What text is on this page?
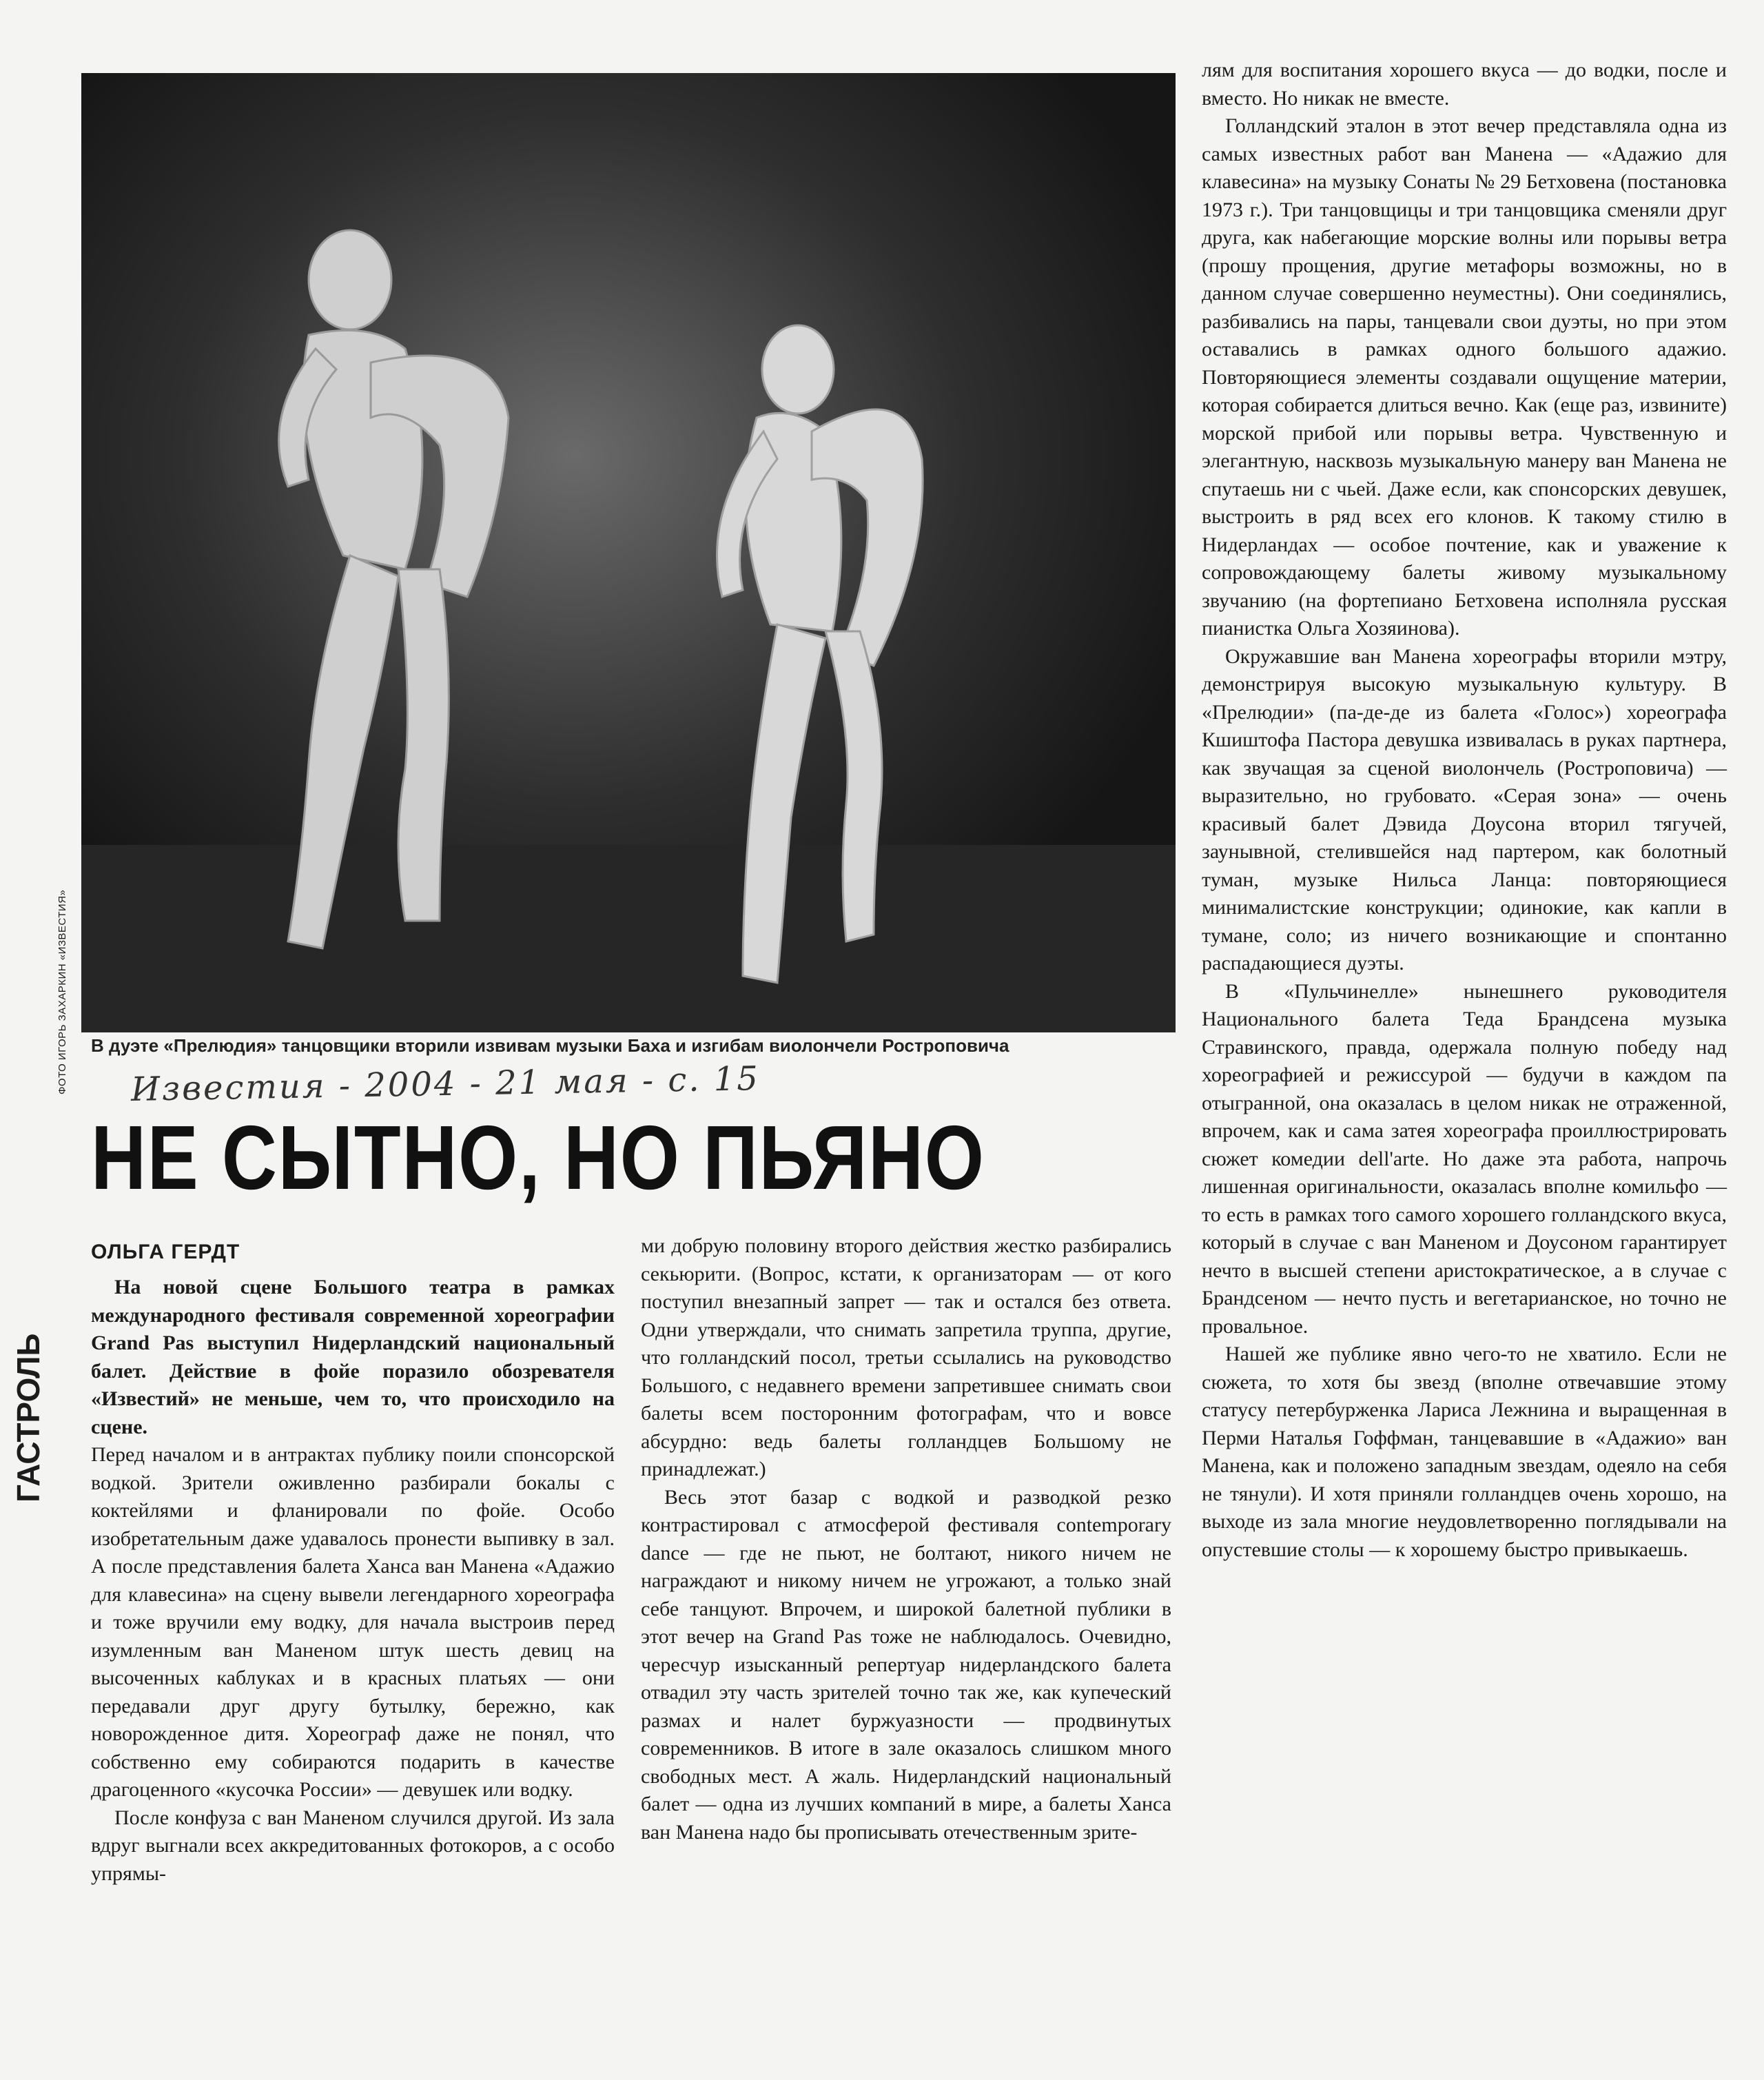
ФОТО ИГОРЬ ЗАХАРКИН «ИЗВЕСТИЯ» В дуэте «Прелюдия» танцовщики вторили извивам музыки Баха и изгибам виолончели Ростроповича
Известия - 2004 - 21 мая - с. 15
НЕ СЫТНО, НО ПЬЯНО
ГАСТРОЛЬ
ОЛЬГА ГЕРДТ

На новой сцене Большого театра в рамках международного фестиваля современной хореографии Grand Pas выступил Нидерландский национальный балет. Действие в фойе поразило обозревателя «Известий» не меньше, чем то, что происходило на сцене.

Перед началом и в антрактах публику поили спонсорской водкой. Зрители оживленно разбирали бокалы с коктейлями и фланировали по фойе. Особо изобретательным даже удавалось пронести выпивку в зал. А после представления балета Ханса ван Манена «Адажио для клавесина» на сцену вывели легендарного хореографа и тоже вручили ему водку, для начала выстроив перед изумленным ван Маненом штук шесть девиц на высоченных каблуках и в красных платьях — они передавали друг другу бутылку, бережно, как новорожденное дитя. Хореограф даже не понял, что собственно ему собираются подарить в качестве драгоценного «кусочка России» — девушек или водку.

После конфуза с ван Маненом случился другой. Из зала вдруг выгнали всех аккредитованных фотокоров, а с особо упрямы-

ми добрую половину второго действия жестко разбирались секьюрити. (Вопрос, кстати, к организаторам — от кого поступил внезапный запрет — так и остался без ответа. Одни утверждали, что снимать запретила труппа, другие, что голландский посол, третьи ссылались на руководство Большого, с недавнего времени запретившее снимать свои балеты всем посторонним фотографам, что и вовсе абсурдно: ведь балеты голландцев Большому не принадлежат.)

Весь этот базар с водкой и разводкой резко контрастировал с атмосферой фестиваля contemporary dance — где не пьют, не болтают, никого ничем не награждают и никому ничем не угрожают, а только знай себе танцуют. Впрочем, и широкой балетной публики в этот вечер на Grand Pas тоже не наблюдалось. Очевидно, чересчур изысканный репертуар нидерландского балета отвадил эту часть зрителей точно так же, как купеческий размах и налет буржуазности — продвинутых современников. В итоге в зале оказалось слишком много свободных мест. А жаль. Нидерландский национальный балет — одна из лучших компаний в мире, а балеты Ханса ван Манена надо бы прописывать отечественным зрите-

лям для воспитания хорошего вкуса — до водки, после и вместо. Но никак не вместе.

Голландский эталон в этот вечер представляла одна из самых известных работ ван Манена — «Адажио для клавесина» на музыку Сонаты № 29 Бетховена (постановка 1973 г.). Три танцовщицы и три танцовщика сменяли друг друга, как набегающие морские волны или порывы ветра (прошу прощения, другие метафоры возможны, но в данном случае совершенно неуместны). Они соединялись, разбивались на пары, танцевали свои дуэты, но при этом оставались в рамках одного большого адажио. Повторяющиеся элементы создавали ощущение материи, которая собирается длиться вечно. Как (еще раз, извините) морской прибой или порывы ветра. Чувственную и элегантную, насквозь музыкальную манеру ван Манена не спутаешь ни с чьей. Даже если, как спонсорских девушек, выстроить в ряд всех его клонов. К такому стилю в Нидерландах — особое почтение, как и уважение к сопровождающему балеты живому музыкальному звучанию (на фортепиано Бетховена исполняла русская пианистка Ольга Хозяинова).

Окружавшие ван Манена хореографы вторили мэтру, демонстрируя высокую музыкальную культуру. В «Прелюдии» (па-де-де из балета «Голос») хореографа Кшиштофа Пастора девушка извивалась в руках партнера, как звучащая за сценой виолончель (Ростроповича) — выразительно, но грубовато. «Серая зона» — очень красивый балет Дэвида Доусона вторил тягучей, заунывной, стелившейся над партером, как болотный туман, музыке Нильса Ланца: повторяющиеся минималистские конструкции; одинокие, как капли в тумане, соло; из ничего возникающие и спонтанно распадающиеся дуэты.

В «Пульчинелле» нынешнего руководителя Национального балета Теда Брандсена музыка Стравинского, правда, одержала полную победу над хореографией и режиссурой — будучи в каждом па отыгранной, она оказалась в целом никак не отраженной, впрочем, как и сама затея хореографа проиллюстрировать сюжет комедии dell'arte. Но даже эта работа, напрочь лишенная оригинальности, оказалась вполне комильфо — то есть в рамках того самого хорошего голландского вкуса, который в случае с ван Маненом и Доусоном гарантирует нечто в высшей степени аристократическое, а в случае с Брандсеном — нечто пусть и вегетарианское, но точно не провальное.

Нашей же публике явно чего-то не хватило. Если не сюжета, то хотя бы звезд (вполне отвечавшие этому статусу петербурженка Лариса Лежнина и выращенная в Перми Наталья Гоффман, танцевавшие в «Адажио» ван Манена, как и положено западным звездам, одеяло на себя не тянули). И хотя приняли голландцев очень хорошо, на выходе из зала многие неудовлетворенно поглядывали на опустевшие столы — к хорошему быстро привыкаешь.
